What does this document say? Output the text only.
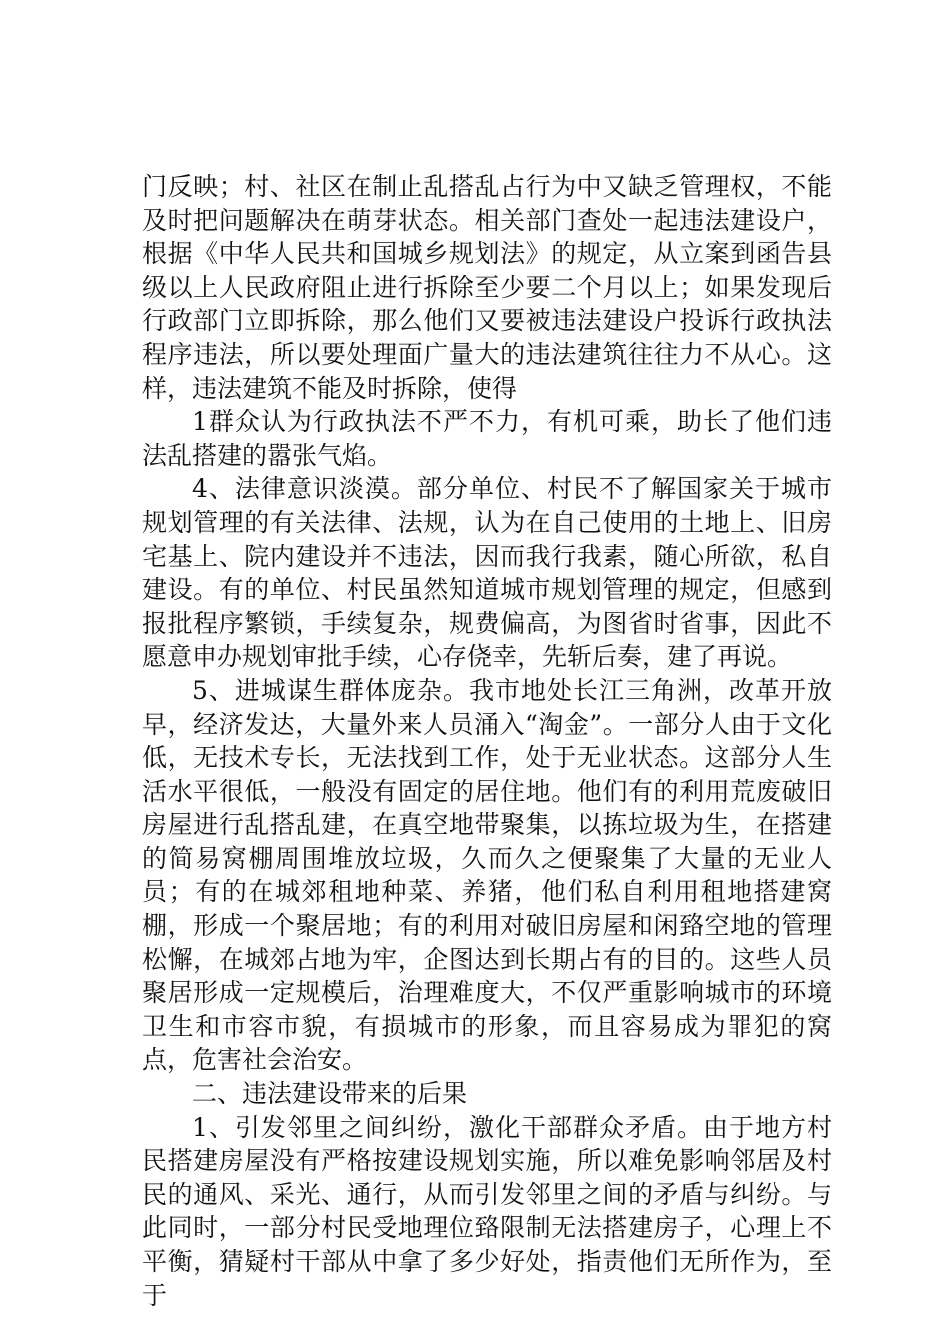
门反映；村、社区在制止乱搭乱占行为中又缺乏管理权，不能及时把问题解决在萌芽状态。相关部门查处一起违法建设户，根据《中华人民共和国城乡规划法》的规定，从立案到函告县级以上人民政府阻止进行拆除至少要二个月以上；如果发现后行政部门立即拆除，那么他们又要被违法建设户投诉行政执法程序违法，所以要处理面广量大的违法建筑往往力不从心。这样，违法建筑不能及时拆除，使得

1群众认为行政执法不严不力，有机可乘，助长了他们违法乱搭建的嚣张气焰。

4、法律意识淡漠。部分单位、村民不了解国家关于城市规划管理的有关法律、法规，认为在自己使用的土地上、旧房宅基上、院内建设并不违法，因而我行我素，随心所欲，私自建设。有的单位、村民虽然知道城市规划管理的规定，但感到报批程序繁锁，手续复杂，规费偏高，为图省时省事，因此不愿意申办规划审批手续，心存侥幸，先斩后奏，建了再说。

5、进城谋生群体庞杂。我市地处长江三角洲，改革开放早，经济发达，大量外来人员涌入“淘金”。一部分人由于文化低，无技术专长，无法找到工作，处于无业状态。这部分人生活水平很低，一般没有固定的居住地。他们有的利用荒废破旧房屋进行乱搭乱建，在真空地带聚集，以拣垃圾为生，在搭建的简易窝棚周围堆放垃圾，久而久之便聚集了大量的无业人员；有的在城郊租地种菜、养猪，他们私自利用租地搭建窝棚，形成一个聚居地；有的利用对破旧房屋和闲臵空地的管理松懈，在城郊占地为牢，企图达到长期占有的目的。这些人员聚居形成一定规模后，治理难度大，不仅严重影响城市的环境卫生和市容市貌，有损城市的形象，而且容易成为罪犯的窝点，危害社会治安。

二、违法建设带来的后果

1、引发邻里之间纠纷，激化干部群众矛盾。由于地方村民搭建房屋没有严格按建设规划实施，所以难免影响邻居及村民的通风、采光、通行，从而引发邻里之间的矛盾与纠纷。与此同时，一部分村民受地理位臵限制无法搭建房子，心理上不平衡，猜疑村干部从中拿了多少好处，指责他们无所作为，至于
